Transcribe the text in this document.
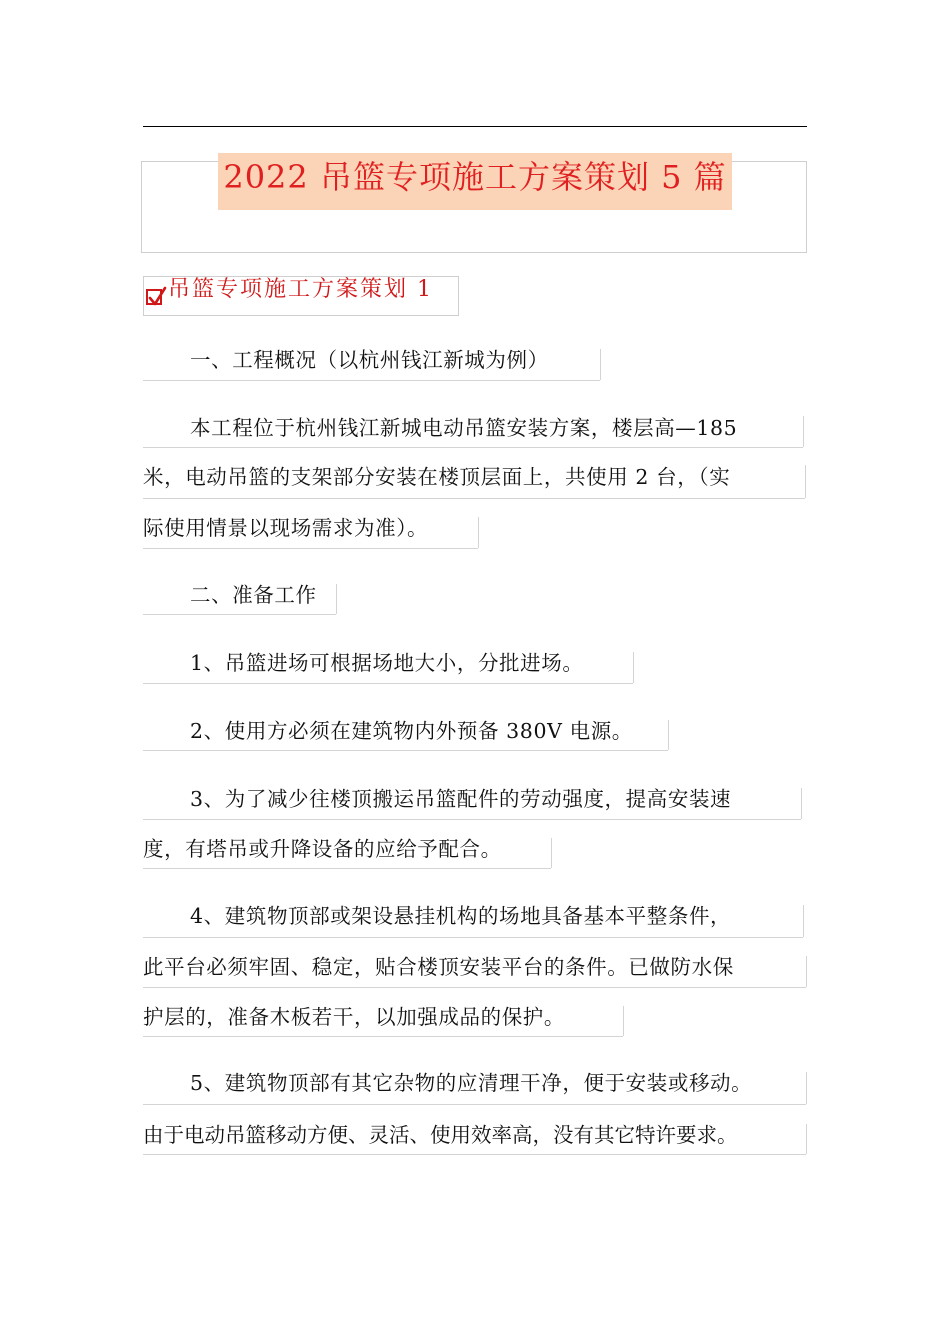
2022 吊篮专项施工方案策划 5 篇
吊篮专项施工方案策划 1
一、工程概况（以杭州钱江新城为例）
本工程位于杭州钱江新城电动吊篮安装方案，楼层高—185
米，电动吊篮的支架部分安装在楼顶层面上，共使用 2 台，（实
际使用情景以现场需求为准）。
二、准备工作
1、吊篮进场可根据场地大小，分批进场。
2、使用方必须在建筑物内外预备 380V 电源。
3、为了减少往楼顶搬运吊篮配件的劳动强度，提高安装速
度，有塔吊或升降设备的应给予配合。
4、建筑物顶部或架设悬挂机构的场地具备基本平整条件，
此平台必须牢固、稳定，贴合楼顶安装平台的条件。已做防水保
护层的，准备木板若干，以加强成品的保护。
5、建筑物顶部有其它杂物的应清理干净，便于安装或移动。
由于电动吊篮移动方便、灵活、使用效率高，没有其它特许要求。
